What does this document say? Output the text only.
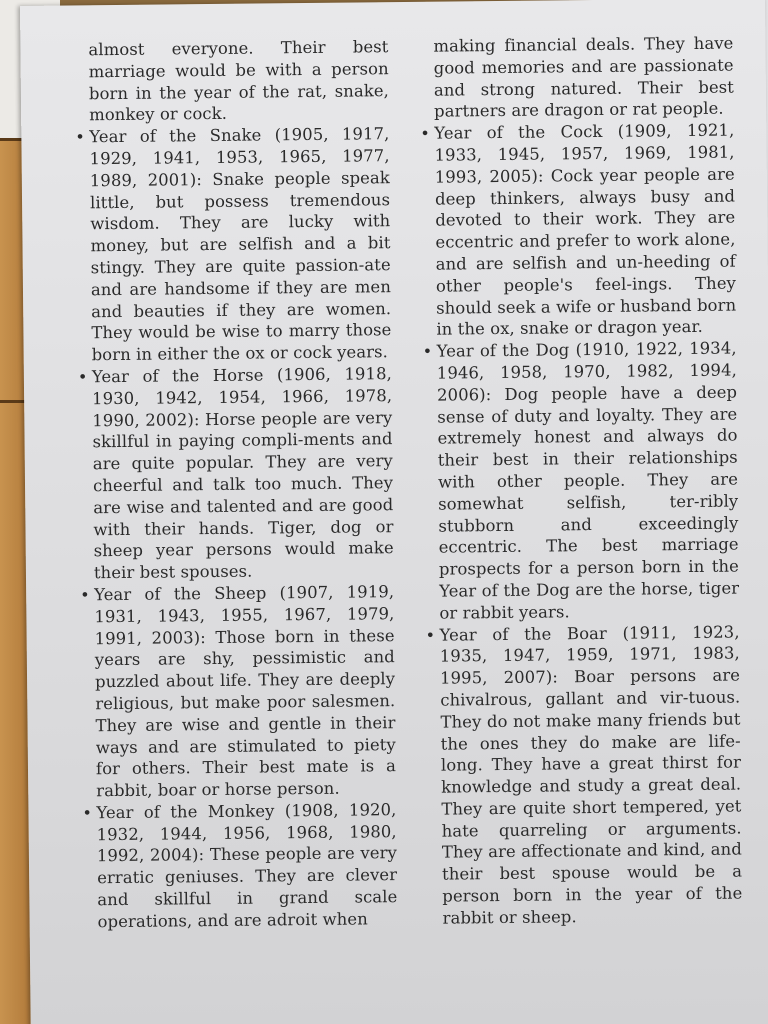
almost everyone. Their best marriage would be with a person born in the year of the rat, snake, monkey or cock.

• Year of the Snake (1905, 1917, 1929, 1941, 1953, 1965, 1977, 1989, 2001): Snake people speak little, but possess tremendous wisdom. They are lucky with money, but are selfish and a bit stingy. They are quite passion-ate and are handsome if they are men and beauties if they are women. They would be wise to marry those born in either the ox or cock years.

• Year of the Horse (1906, 1918, 1930, 1942, 1954, 1966, 1978, 1990, 2002): Horse people are very skillful in paying compli-ments and are quite popular. They are very cheerful and talk too much. They are wise and talented and are good with their hands. Tiger, dog or sheep year persons would make their best spouses.

• Year of the Sheep (1907, 1919, 1931, 1943, 1955, 1967, 1979, 1991, 2003): Those born in these years are shy, pessimistic and puzzled about life. They are deeply religious, but make poor salesmen. They are wise and gentle in their ways and are stimulated to piety for others. Their best mate is a rabbit, boar or horse person.

• Year of the Monkey (1908, 1920, 1932, 1944, 1956, 1968, 1980, 1992, 2004): These people are very erratic geniuses. They are clever and skillful in grand scale operations, and are adroit when

making financial deals. They have good memories and are passionate and strong natured. Their best partners are dragon or rat people.

• Year of the Cock (1909, 1921, 1933, 1945, 1957, 1969, 1981, 1993, 2005): Cock year people are deep thinkers, always busy and devoted to their work. They are eccentric and prefer to work alone, and are selfish and un-heeding of other people's feel-ings. They should seek a wife or husband born in the ox, snake or dragon year.

• Year of the Dog (1910, 1922, 1934, 1946, 1958, 1970, 1982, 1994, 2006): Dog people have a deep sense of duty and loyalty. They are extremely honest and always do their best in their relationships with other people. They are somewhat selfish, ter-ribly stubborn and exceedingly eccentric. The best marriage prospects for a person born in the Year of the Dog are the horse, tiger or rabbit years.

• Year of the Boar (1911, 1923, 1935, 1947, 1959, 1971, 1983, 1995, 2007): Boar persons are chivalrous, gallant and vir-tuous. They do not make many friends but the ones they do make are life-long. They have a great thirst for knowledge and study a great deal. They are quite short tempered, yet hate quarreling or arguments. They are affectionate and kind, and their best spouse would be a person born in the year of the rabbit or sheep.
